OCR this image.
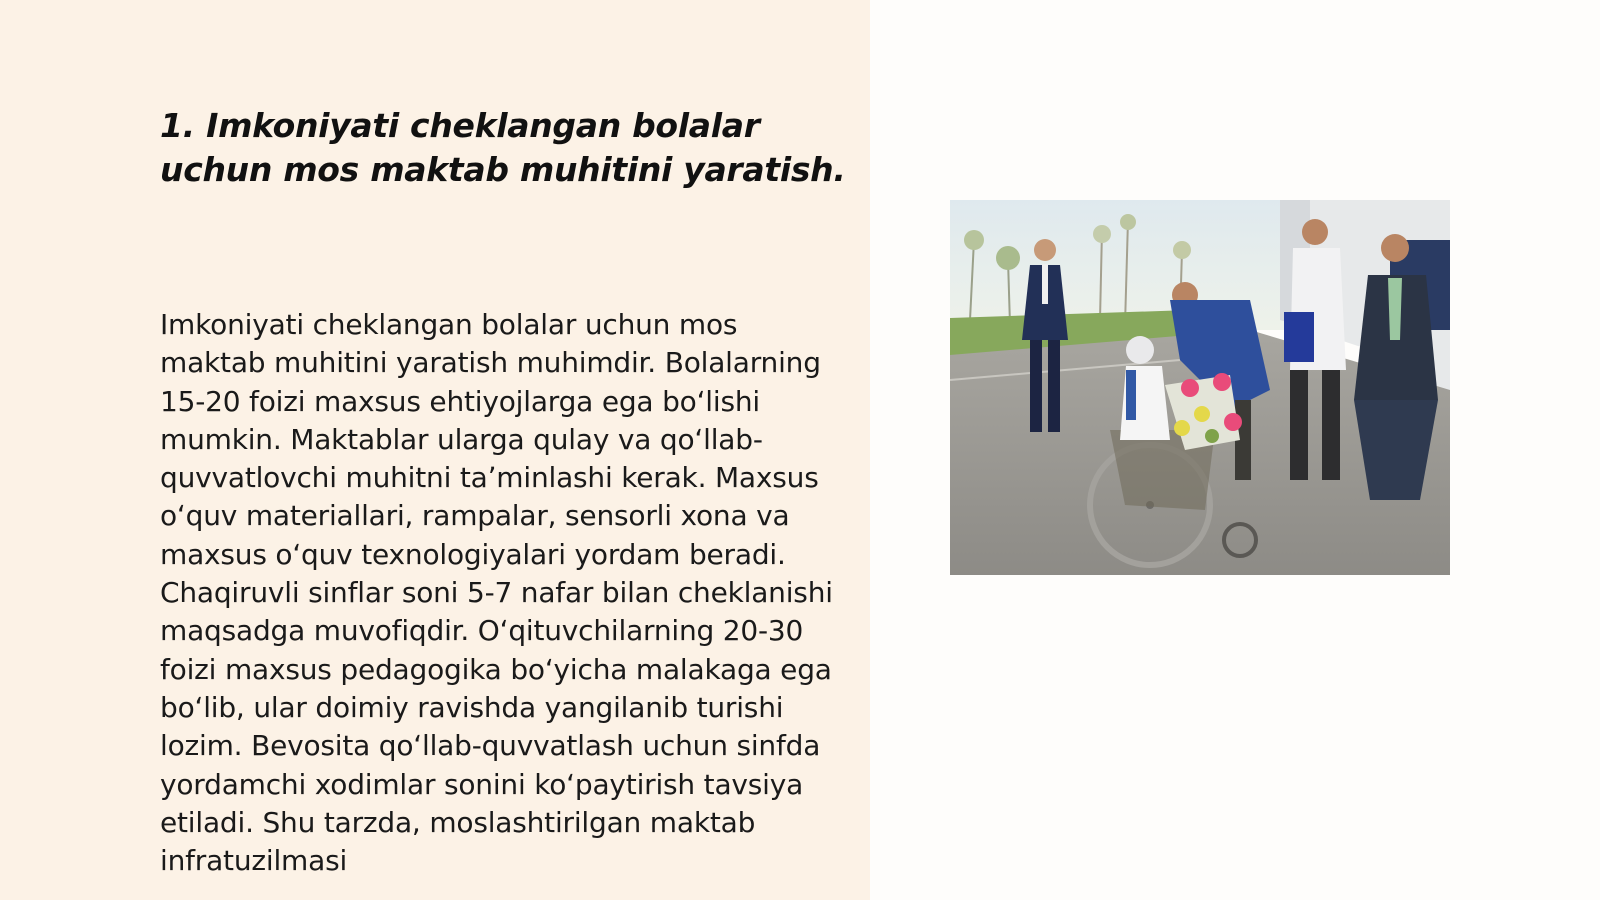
1. Imkoniyati cheklangan bolalar uchun mos maktab muhitini yaratish.

Imkoniyati cheklangan bolalar uchun mos maktab muhitini yaratish muhimdir. Bolalarning 15-20 foizi maxsus ehtiyojlarga ega boʻlishi mumkin. Maktablar ularga qulay va qoʻllab-quvvatlovchi muhitni taʼminlashi kerak. Maxsus oʻquv materiallari, rampalar, sensorli xona va maxsus oʻquv texnologiyalari yordam beradi. Chaqiruvli sinflar soni 5-7 nafar bilan cheklanishi maqsadga muvofiqdir. Oʻqituvchilarning 20-30 foizi maxsus pedagogika boʻyicha malakaga ega boʻlib, ular doimiy ravishda yangilanib turishi lozim. Bevosita qoʻllab-quvvatlash uchun sinfda yordamchi xodimlar sonini koʻpaytirish tavsiya etiladi. Shu tarzda, moslashtirilgan maktab infratuzilmasi
